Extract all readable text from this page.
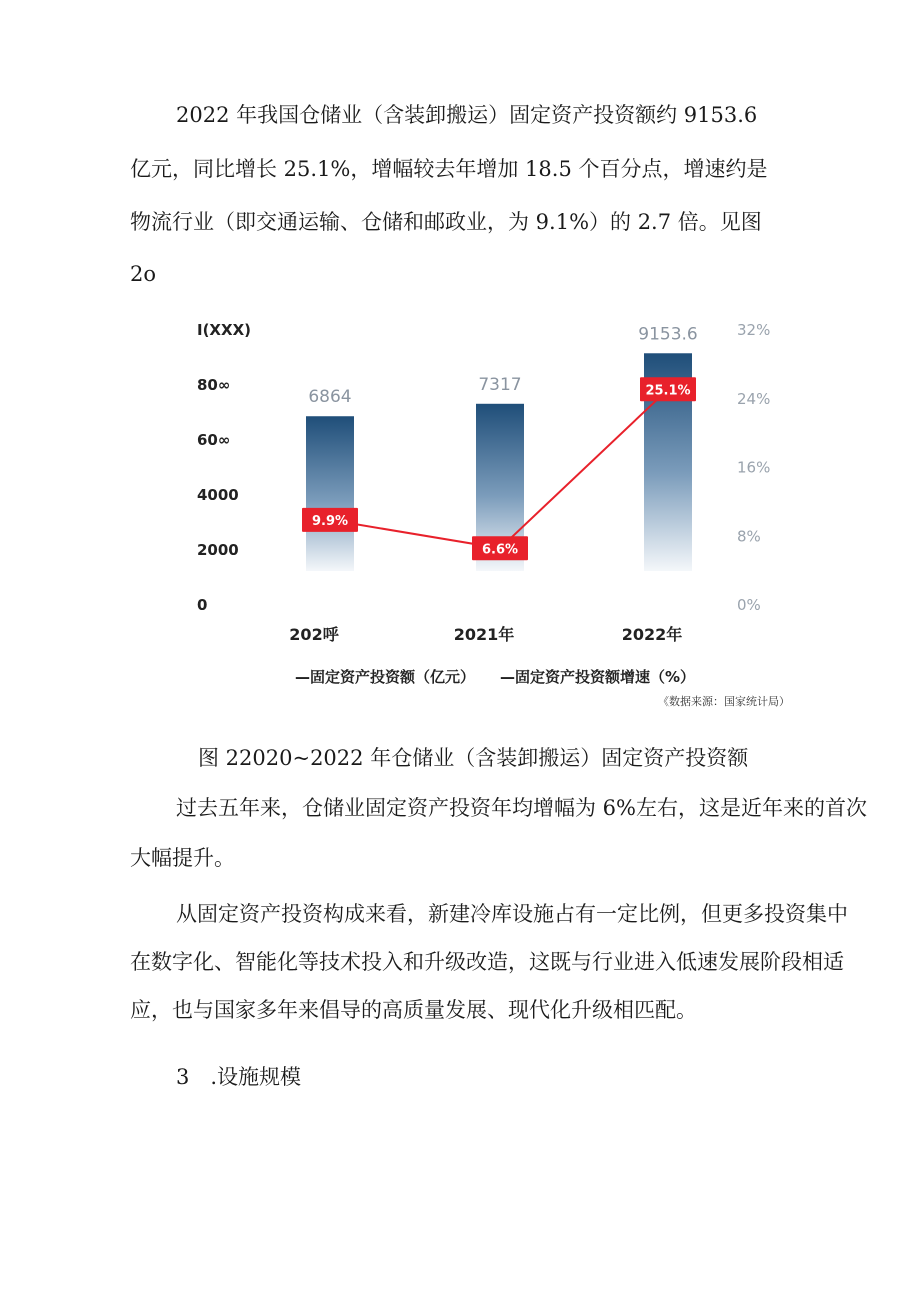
2022 年我国仓储业（含装卸搬运）固定资产投资额约 9153.6

亿元，同比增长 25.1%，增幅较去年增加 18.5 个百分点，增速约是

物流行业（即交通运输、仓储和邮政业，为 9.1%）的 2.7 倍。见图

2o

0
2000
4000
60∞
80∞
I(XXX)
0%
8%
16%
24%
32%
6864
7317
9153.6
9.9%
6.6%
25.1%
202呼	2021年	2022年
—固定资产投资额（亿元） —固定资产投资额增速（%）
《数据来源：国家统计局）
图 22020~2022 年仓储业（含装卸搬运）固定资产投资额

过去五年来，仓储业固定资产投资年均增幅为 6%左右，这是近年来的首次

大幅提升。

从固定资产投资构成来看，新建冷库设施占有一定比例，但更多投资集中

在数字化、智能化等技术投入和升级改造，这既与行业进入低速发展阶段相适

应，也与国家多年来倡导的高质量发展、现代化升级相匹配。

3　.设施规模
